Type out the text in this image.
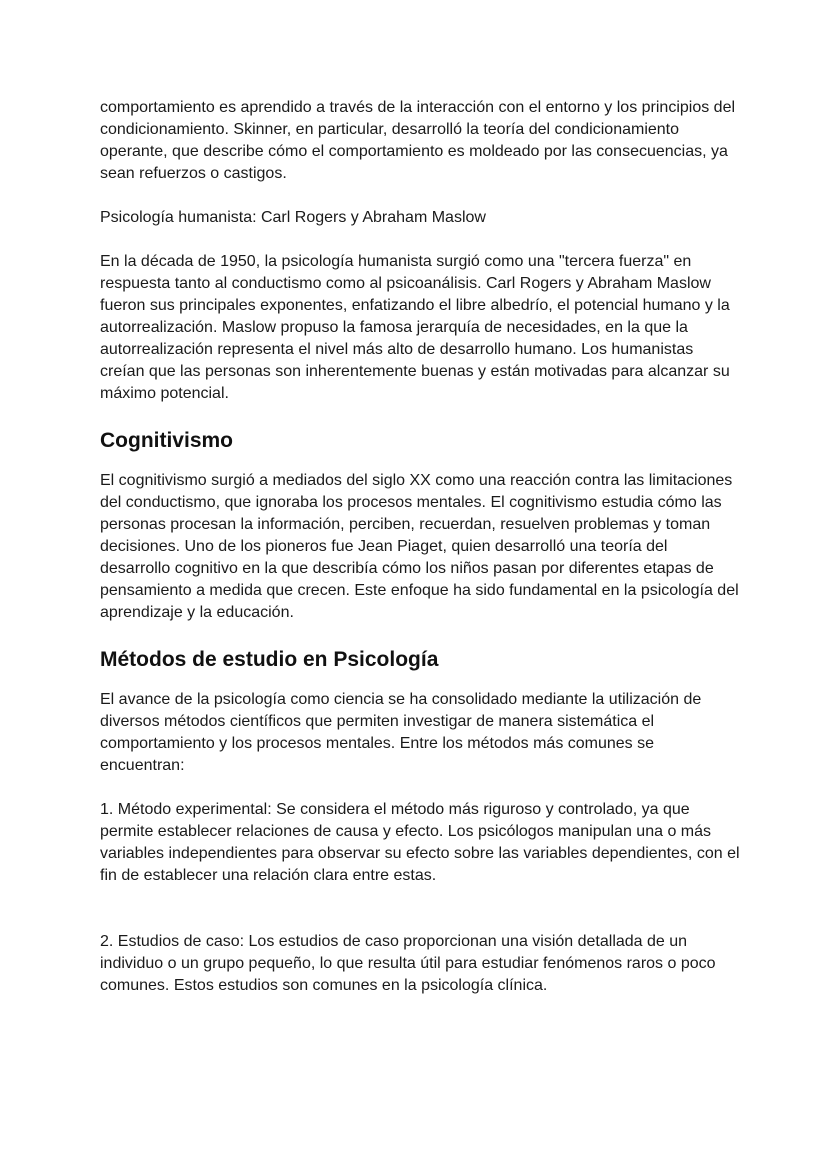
comportamiento es aprendido a través de la interacción con el entorno y los principios del condicionamiento. Skinner, en particular, desarrolló la teoría del condicionamiento operante, que describe cómo el comportamiento es moldeado por las consecuencias, ya sean refuerzos o castigos.

Psicología humanista: Carl Rogers y Abraham Maslow

En la década de 1950, la psicología humanista surgió como una "tercera fuerza" en respuesta tanto al conductismo como al psicoanálisis. Carl Rogers y Abraham Maslow fueron sus principales exponentes, enfatizando el libre albedrío, el potencial humano y la autorrealización. Maslow propuso la famosa jerarquía de necesidades, en la que la autorrealización representa el nivel más alto de desarrollo humano. Los humanistas creían que las personas son inherentemente buenas y están motivadas para alcanzar su máximo potencial.

Cognitivismo

El cognitivismo surgió a mediados del siglo XX como una reacción contra las limitaciones del conductismo, que ignoraba los procesos mentales. El cognitivismo estudia cómo las personas procesan la información, perciben, recuerdan, resuelven problemas y toman decisiones. Uno de los pioneros fue Jean Piaget, quien desarrolló una teoría del desarrollo cognitivo en la que describía cómo los niños pasan por diferentes etapas de pensamiento a medida que crecen. Este enfoque ha sido fundamental en la psicología del aprendizaje y la educación.

Métodos de estudio en Psicología

El avance de la psicología como ciencia se ha consolidado mediante la utilización de diversos métodos científicos que permiten investigar de manera sistemática el comportamiento y los procesos mentales. Entre los métodos más comunes se encuentran:

1. Método experimental: Se considera el método más riguroso y controlado, ya que permite establecer relaciones de causa y efecto. Los psicólogos manipulan una o más variables independientes para observar su efecto sobre las variables dependientes, con el fin de establecer una relación clara entre estas.

2. Estudios de caso: Los estudios de caso proporcionan una visión detallada de un individuo o un grupo pequeño, lo que resulta útil para estudiar fenómenos raros o poco comunes. Estos estudios son comunes en la psicología clínica.
